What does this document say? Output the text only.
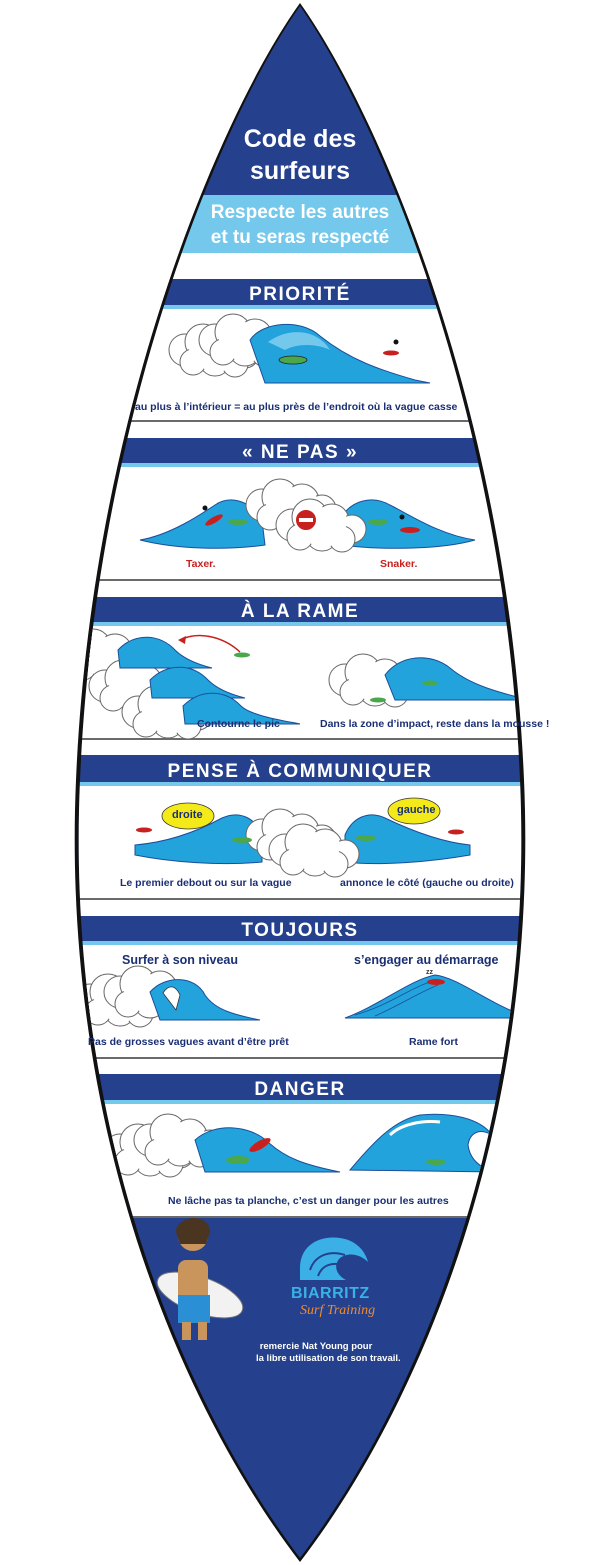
Code des
surfeurs
Respecte les autres
et tu seras respecté
PRIORITÉ
au plus à l’intérieur = au plus près de l’endroit où la vague casse
« NE PAS »
Taxer.	Snaker.
À LA RAME
Contourne le pic	Dans la zone d’impact, reste dans la mousse !
PENSE À COMMUNIQUER
droite	gauche
Le premier debout ou sur la vague	annonce le côté (gauche ou droite)
TOUJOURS
Surfer à son niveau	s’engager au démarrage
zz
Pas de grosses vagues avant d’être prêt	Rame fort
DANGER
Ne lâche pas ta planche, c’est un danger pour les autres
BIARRITZ
Surf Training
remercie Nat Young pour
la libre utilisation de son travail.
